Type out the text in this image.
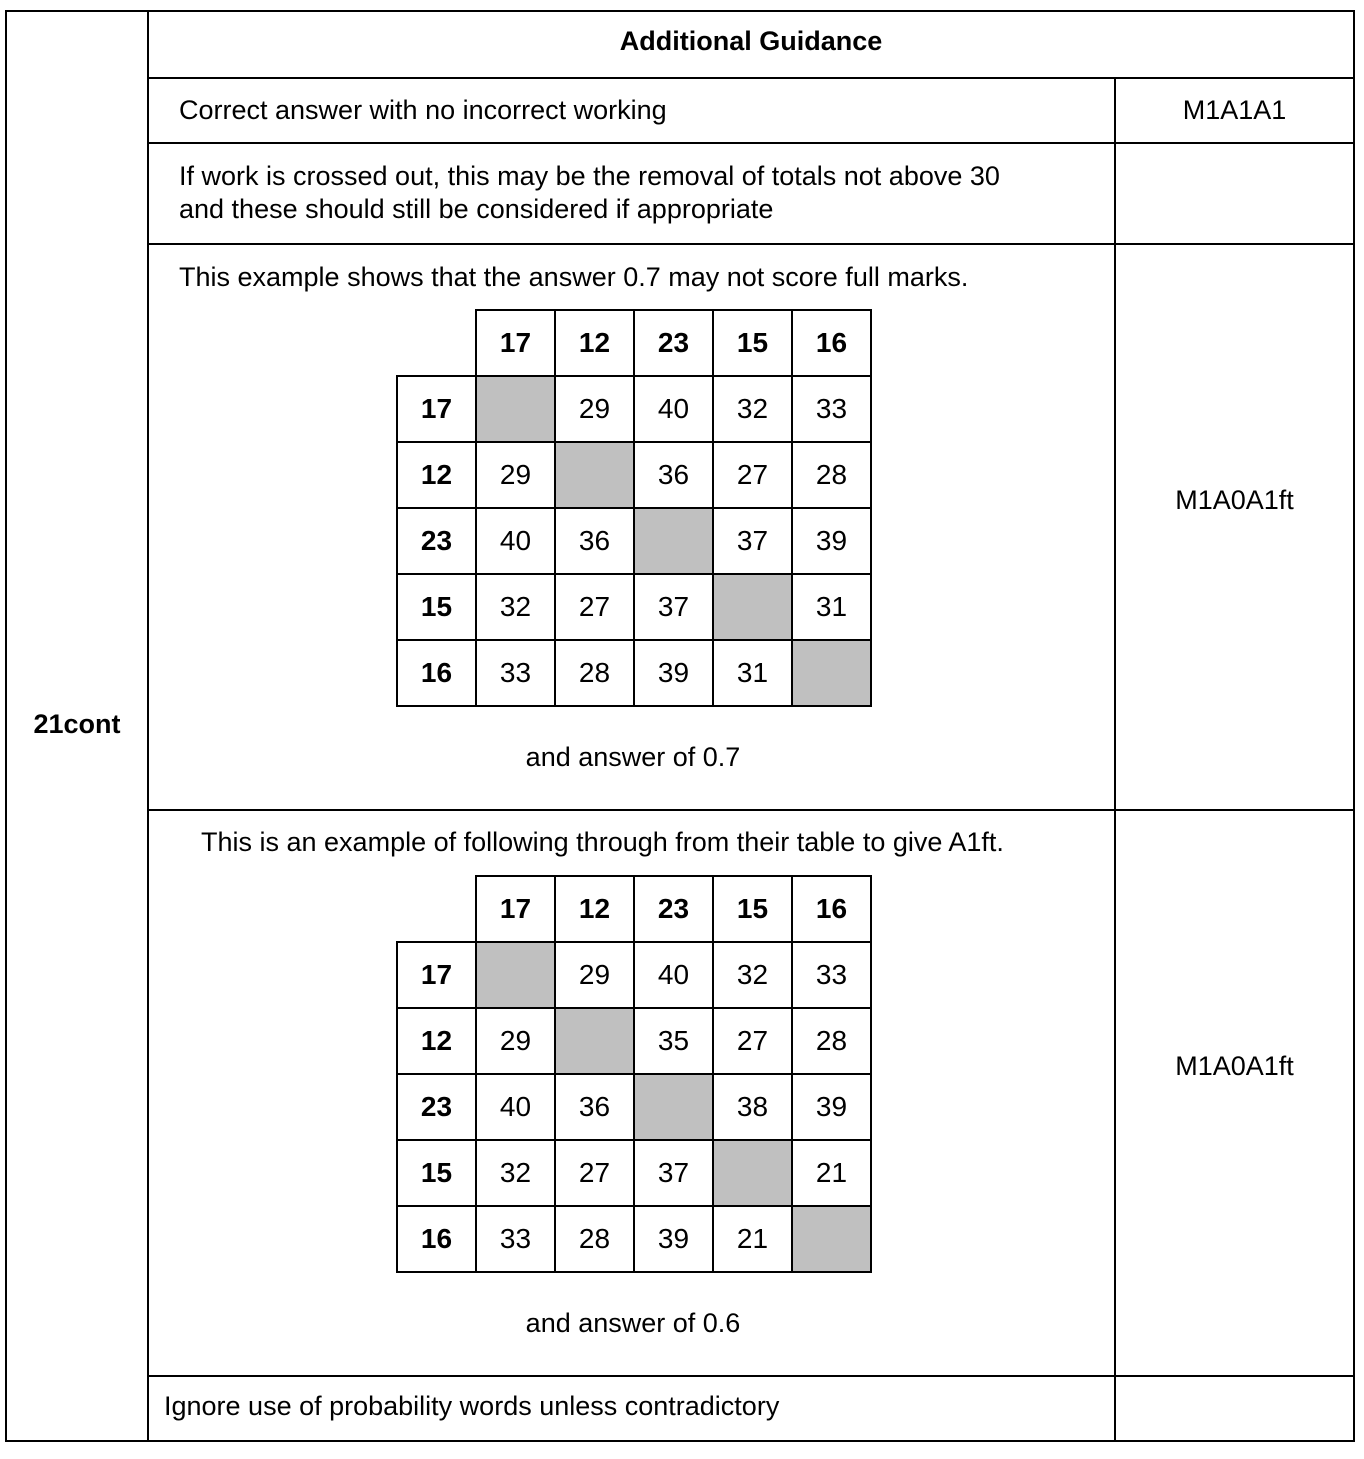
21cont
Additional Guidance
Correct answer with no incorrect working	M1A1A1
If work is crossed out, this may be the removal of totals not above 30
and these should still be considered if appropriate
This example shows that the answer 0.7 may not score full marks.
	17	12	23	15	16
17		29	40	32	33
12	29		36	27	28
23	40	36		37	39
15	32	27	37		31
16	33	28	39	31	
and answer of 0.7
M1A0A1ft
This is an example of following through from their table to give A1ft.
	17	12	23	15	16
17		29	40	32	33
12	29		35	27	28
23	40	36		38	39
15	32	27	37		21
16	33	28	39	21	
and answer of 0.6
M1A0A1ft
Ignore use of probability words unless contradictory
